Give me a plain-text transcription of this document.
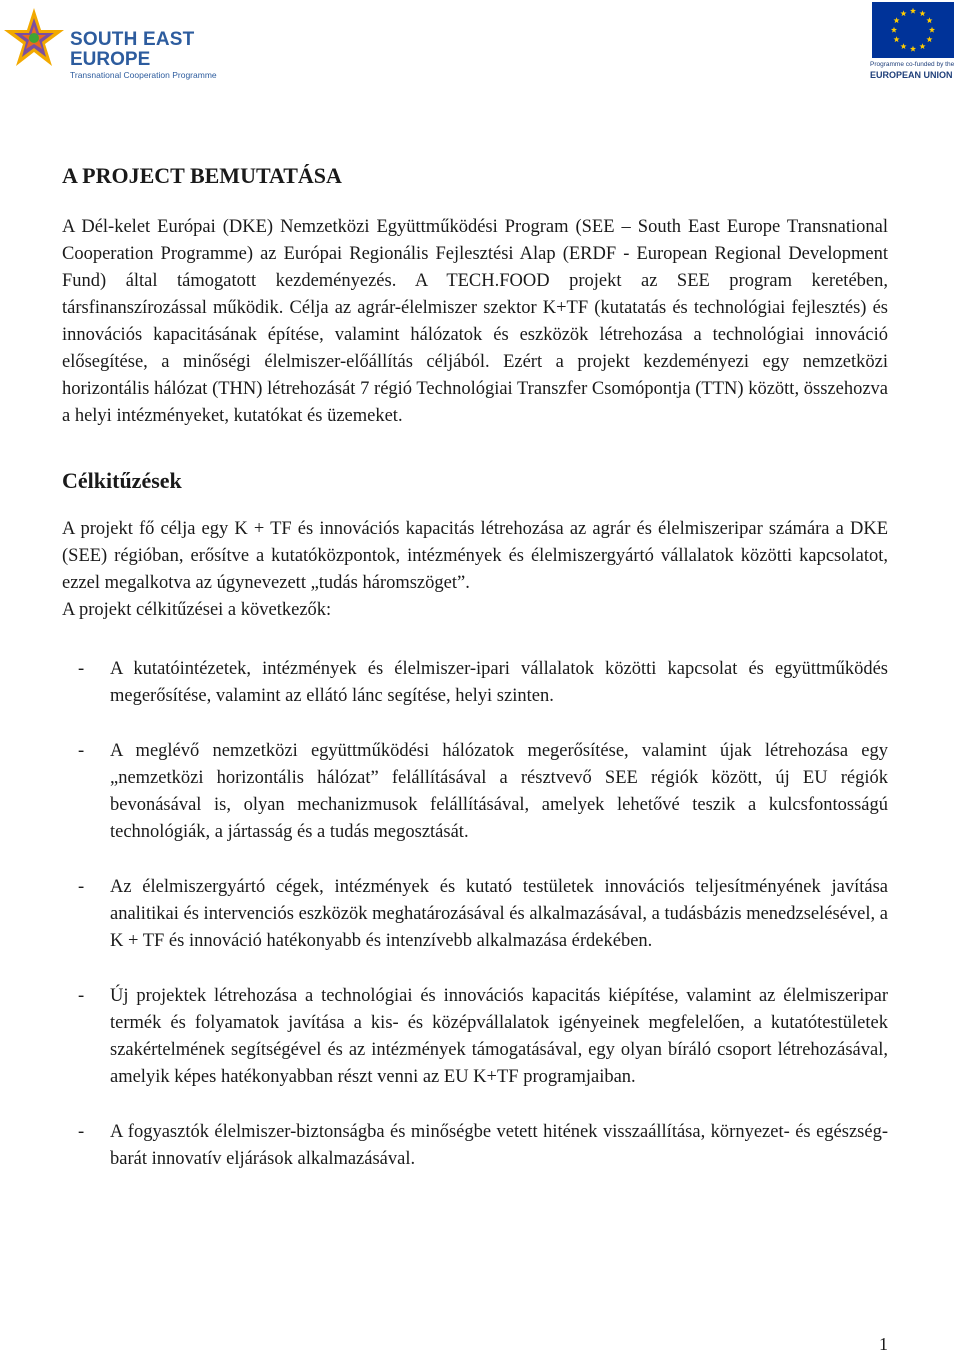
SOUTH EAST
EUROPE
Transnational Cooperation Programme
Programme co-funded by the
EUROPEAN UNION
A PROJECT BEMUTATÁSA

A Dél-kelet Európai (DKE) Nemzetközi Együttműködési Program (SEE – South East Europe Transnational Cooperation Programme) az Európai Regionális Fejlesztési Alap (ERDF - European Regional Development Fund) által támogatott kezdeményezés. A TECH.FOOD projekt az SEE program keretében, társfinanszírozással működik. Célja az agrár-élelmiszer szektor K+TF (kutatatás és technológiai fejlesztés) és innovációs kapacitásának építése, valamint hálózatok és eszközök létrehozása a technológiai innováció elősegítése, a minőségi élelmiszer-előállítás céljából. Ezért a projekt kezdeményezi egy nemzetközi horizontális hálózat (THN) létrehozását 7 régió Technológiai Transzfer Csomópontja (TTN) között, összehozva a helyi intézményeket, kutatókat és üzemeket.

Célkitűzések

A projekt fő célja egy K + TF és innovációs kapacitás létrehozása az agrár és élelmiszeripar számára a DKE (SEE) régióban, erősítve a kutatóközpontok, intézmények és élelmiszergyártó vállalatok közötti kapcsolatot, ezzel megalkotva az úgynevezett „tudás háromszöget”.

A projekt célkitűzései a következők:

- A kutatóintézetek, intézmények és élelmiszer-ipari vállalatok közötti kapcsolat és együttműködés megerősítése, valamint az ellátó lánc segítése, helyi szinten.
- A meglévő nemzetközi együttműködési hálózatok megerősítése, valamint újak létrehozása egy „nemzetközi horizontális hálózat” felállításával a résztvevő SEE régiók között, új EU régiók bevonásával is, olyan mechanizmusok felállításával, amelyek lehetővé teszik a kulcsfontosságú technológiák, a jártasság és a tudás megosztását.
- Az élelmiszergyártó cégek, intézmények és kutató testületek innovációs teljesítményének javítása analitikai és intervenciós eszközök meghatározásával és alkalmazásával, a tudásbázis menedzselésével, a K + TF és innováció hatékonyabb és intenzívebb alkalmazása érdekében.
- Új projektek létrehozása a technológiai és innovációs kapacitás kiépítése, valamint az élelmiszeripar termék és folyamatok javítása a kis- és középvállalatok igényeinek megfelelően, a kutatótestületek szakértelmének segítségével és az intézmények támogatásával, egy olyan bíráló csoport létrehozásával, amelyik képes hatékonyabban részt venni az EU K+TF programjaiban.
- A fogyasztók élelmiszer-biztonságba és minőségbe vetett hitének visszaállítása, környezet- és egészség-barát innovatív eljárások alkalmazásával.
1
